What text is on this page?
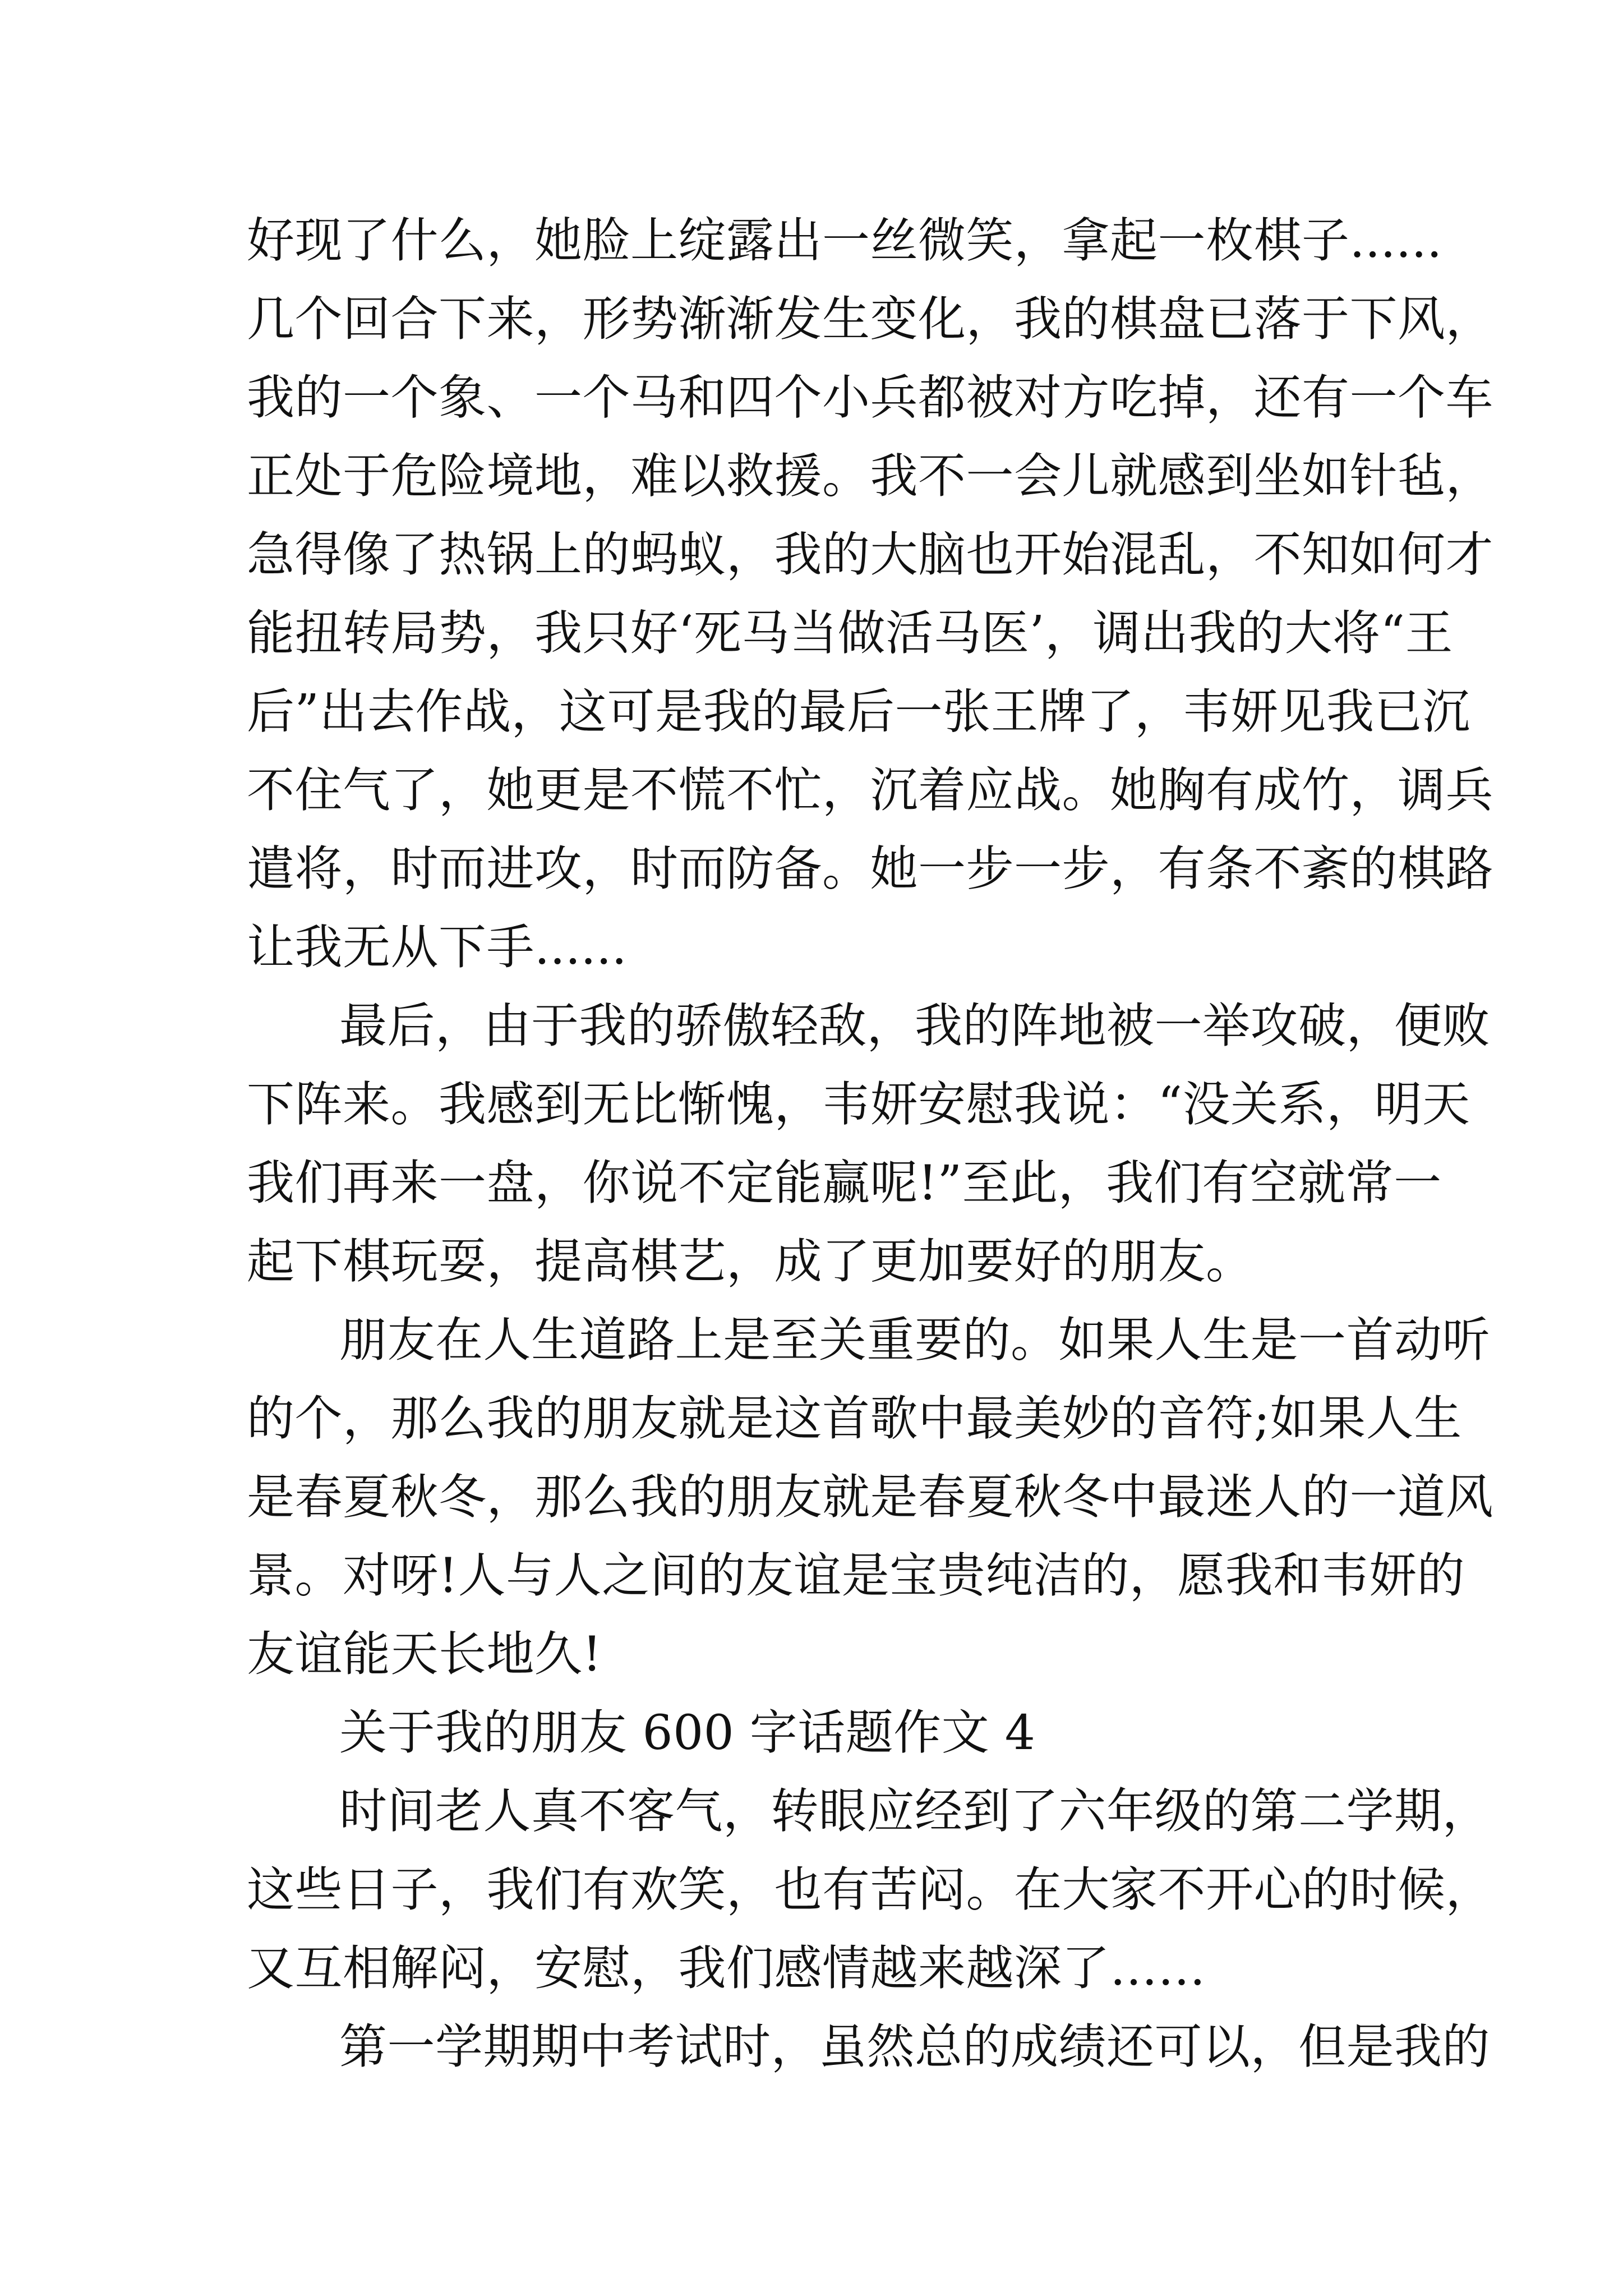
好现了什么，她脸上绽露出一丝微笑，拿起一枚棋子......
几个回合下来，形势渐渐发生变化，我的棋盘已落于下风，
我的一个象、一个马和四个小兵都被对方吃掉，还有一个车
正处于危险境地，难以救援。我不一会儿就感到坐如针毡，
急得像了热锅上的蚂蚁，我的大脑也开始混乱，不知如何才
能扭转局势，我只好‘死马当做活马医’，调出我的大将“王
后”出去作战，这可是我的最后一张王牌了，韦妍见我已沉
不住气了，她更是不慌不忙，沉着应战。她胸有成竹，调兵
遣将，时而进攻，时而防备。她一步一步，有条不紊的棋路
让我无从下手......
最后，由于我的骄傲轻敌，我的阵地被一举攻破，便败
下阵来。我感到无比惭愧，韦妍安慰我说：“没关系，明天
我们再来一盘，你说不定能赢呢!”至此，我们有空就常一
起下棋玩耍，提高棋艺，成了更加要好的朋友。
朋友在人生道路上是至关重要的。如果人生是一首动听
的个，那么我的朋友就是这首歌中最美妙的音符;如果人生
是春夏秋冬，那么我的朋友就是春夏秋冬中最迷人的一道风
景。对呀!人与人之间的友谊是宝贵纯洁的，愿我和韦妍的
友谊能天长地久!
关于我的朋友 600 字话题作文 4
时间老人真不客气，转眼应经到了六年级的第二学期，
这些日子，我们有欢笑，也有苦闷。在大家不开心的时候，
又互相解闷，安慰，我们感情越来越深了……
第一学期期中考试时，虽然总的成绩还可以，但是我的
